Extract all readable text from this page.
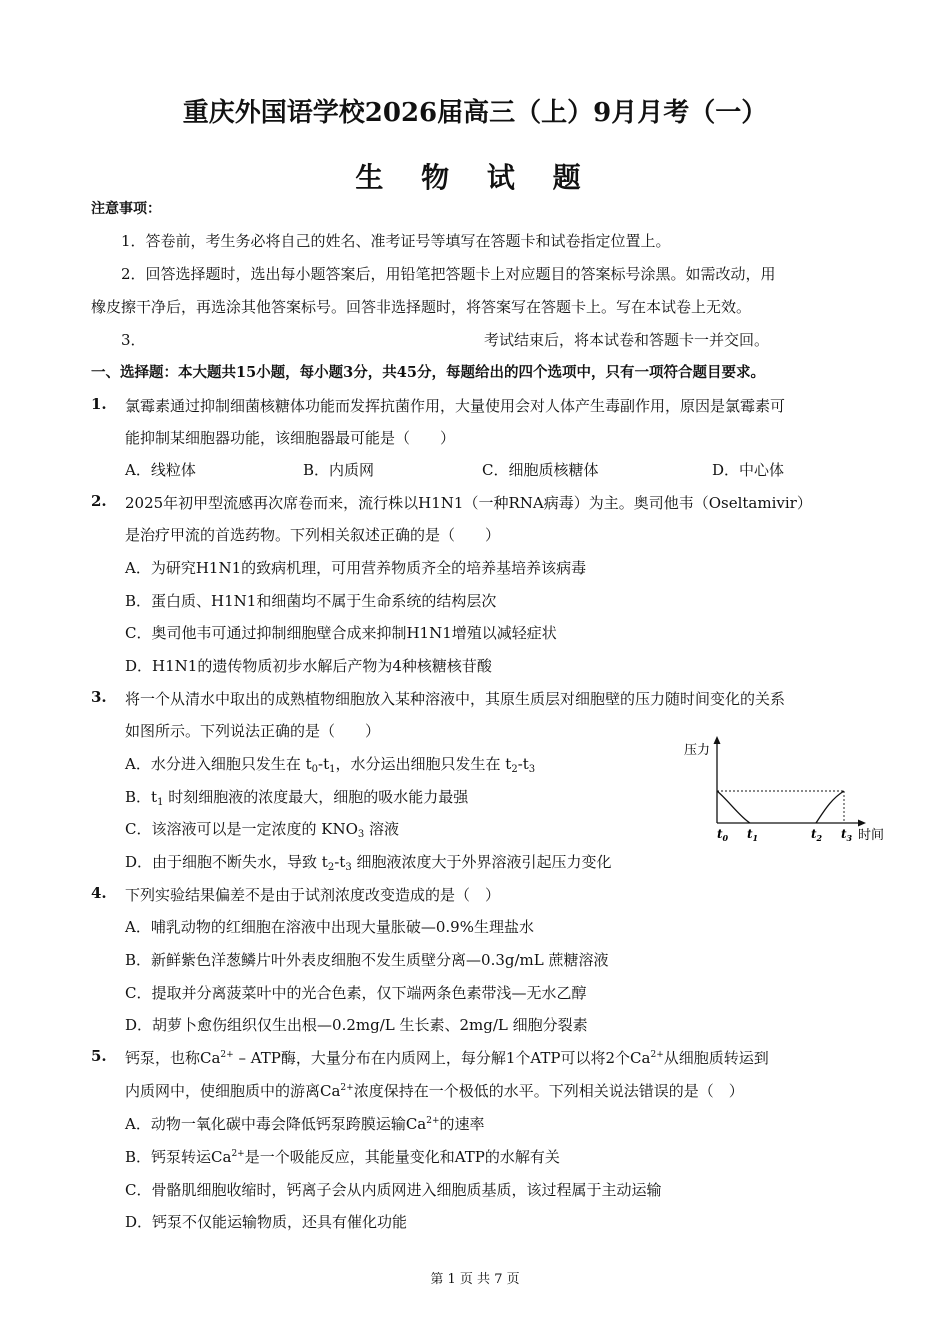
重庆外国语学校2026届高三（上）9月月考（一）
生 物 试 题
注意事项：
1．答卷前，考生务必将自己的姓名、准考证号等填写在答题卡和试卷指定位置上。
2．回答选择题时，选出每小题答案后，用铅笔把答题卡上对应题目的答案标号涂黑。如需改动，用
橡皮擦干净后，再选涂其他答案标号。回答非选择题时，将答案写在答题卡上。写在本试卷上无效。
3．	考试结束后，将本试卷和答题卡一并交回。
一、选择题：本大题共15小题，每小题3分，共45分，每题给出的四个选项中，只有一项符合题目要求。
1. 氯霉素通过抑制细菌核糖体功能而发挥抗菌作用，大量使用会对人体产生毒副作用，原因是氯霉素可
能抑制某细胞器功能，该细胞器最可能是（　　）
A．线粒体	B．内质网	C．细胞质核糖体	D．中心体
2. 2025年初甲型流感再次席卷而来，流行株以H1N1（一种RNA病毒）为主。奥司他韦（Oseltamivir）
是治疗甲流的首选药物。下列相关叙述正确的是（　　）
A．为研究H1N1的致病机理，可用营养物质齐全的培养基培养该病毒
B．蛋白质、H1N1和细菌均不属于生命系统的结构层次
C．奥司他韦可通过抑制细胞壁合成来抑制H1N1增殖以减轻症状
D．H1N1的遗传物质初步水解后产物为4种核糖核苷酸
3. 将一个从清水中取出的成熟植物细胞放入某种溶液中，其原生质层对细胞壁的压力随时间变化的关系
如图所示。下列说法正确的是（　　）
A．水分进入细胞只发生在 $t_0-t_1$，水分运出细胞只发生在 $t_2-t_3$
B．$t_1$ 时刻细胞液的浓度最大，细胞的吸水能力最强
C．该溶液可以是一定浓度的 $KNO_3$ 溶液
D．由于细胞不断失水，导致 $t_2-t_3$ 细胞液浓度大于外界溶液引起压力变化
压力
时间
$t_0$ $t_1$	$t_2$ $t_3$
4. 下列实验结果偏差不是由于试剂浓度改变造成的是（　）
A．哺乳动物的红细胞在溶液中出现大量胀破—0.9%生理盐水
B．新鲜紫色洋葱鳞片叶外表皮细胞不发生质壁分离—0.3g/mL 蔗糖溶液
C．提取并分离菠菜叶中的光合色素，仅下端两条色素带浅—无水乙醇
D．胡萝卜愈伤组织仅生出根—0.2mg/L 生长素、2mg/L 细胞分裂素
5. 钙泵，也称$Ca^{2+}$ – ATP酶，大量分布在内质网上，每分解1个ATP可以将2个$Ca^{2+}$从细胞质转运到
内质网中，使细胞质中的游离$Ca^{2+}$浓度保持在一个极低的水平。下列相关说法错误的是（　）
A．动物一氧化碳中毒会降低钙泵跨膜运输$Ca^{2+}$的速率
B．钙泵转运$Ca^{2+}$是一个吸能反应，其能量变化和ATP的水解有关
C．骨骼肌细胞收缩时，钙离子会从内质网进入细胞质基质，该过程属于主动运输
D．钙泵不仅能运输物质，还具有催化功能
第 1 页 共 7 页
